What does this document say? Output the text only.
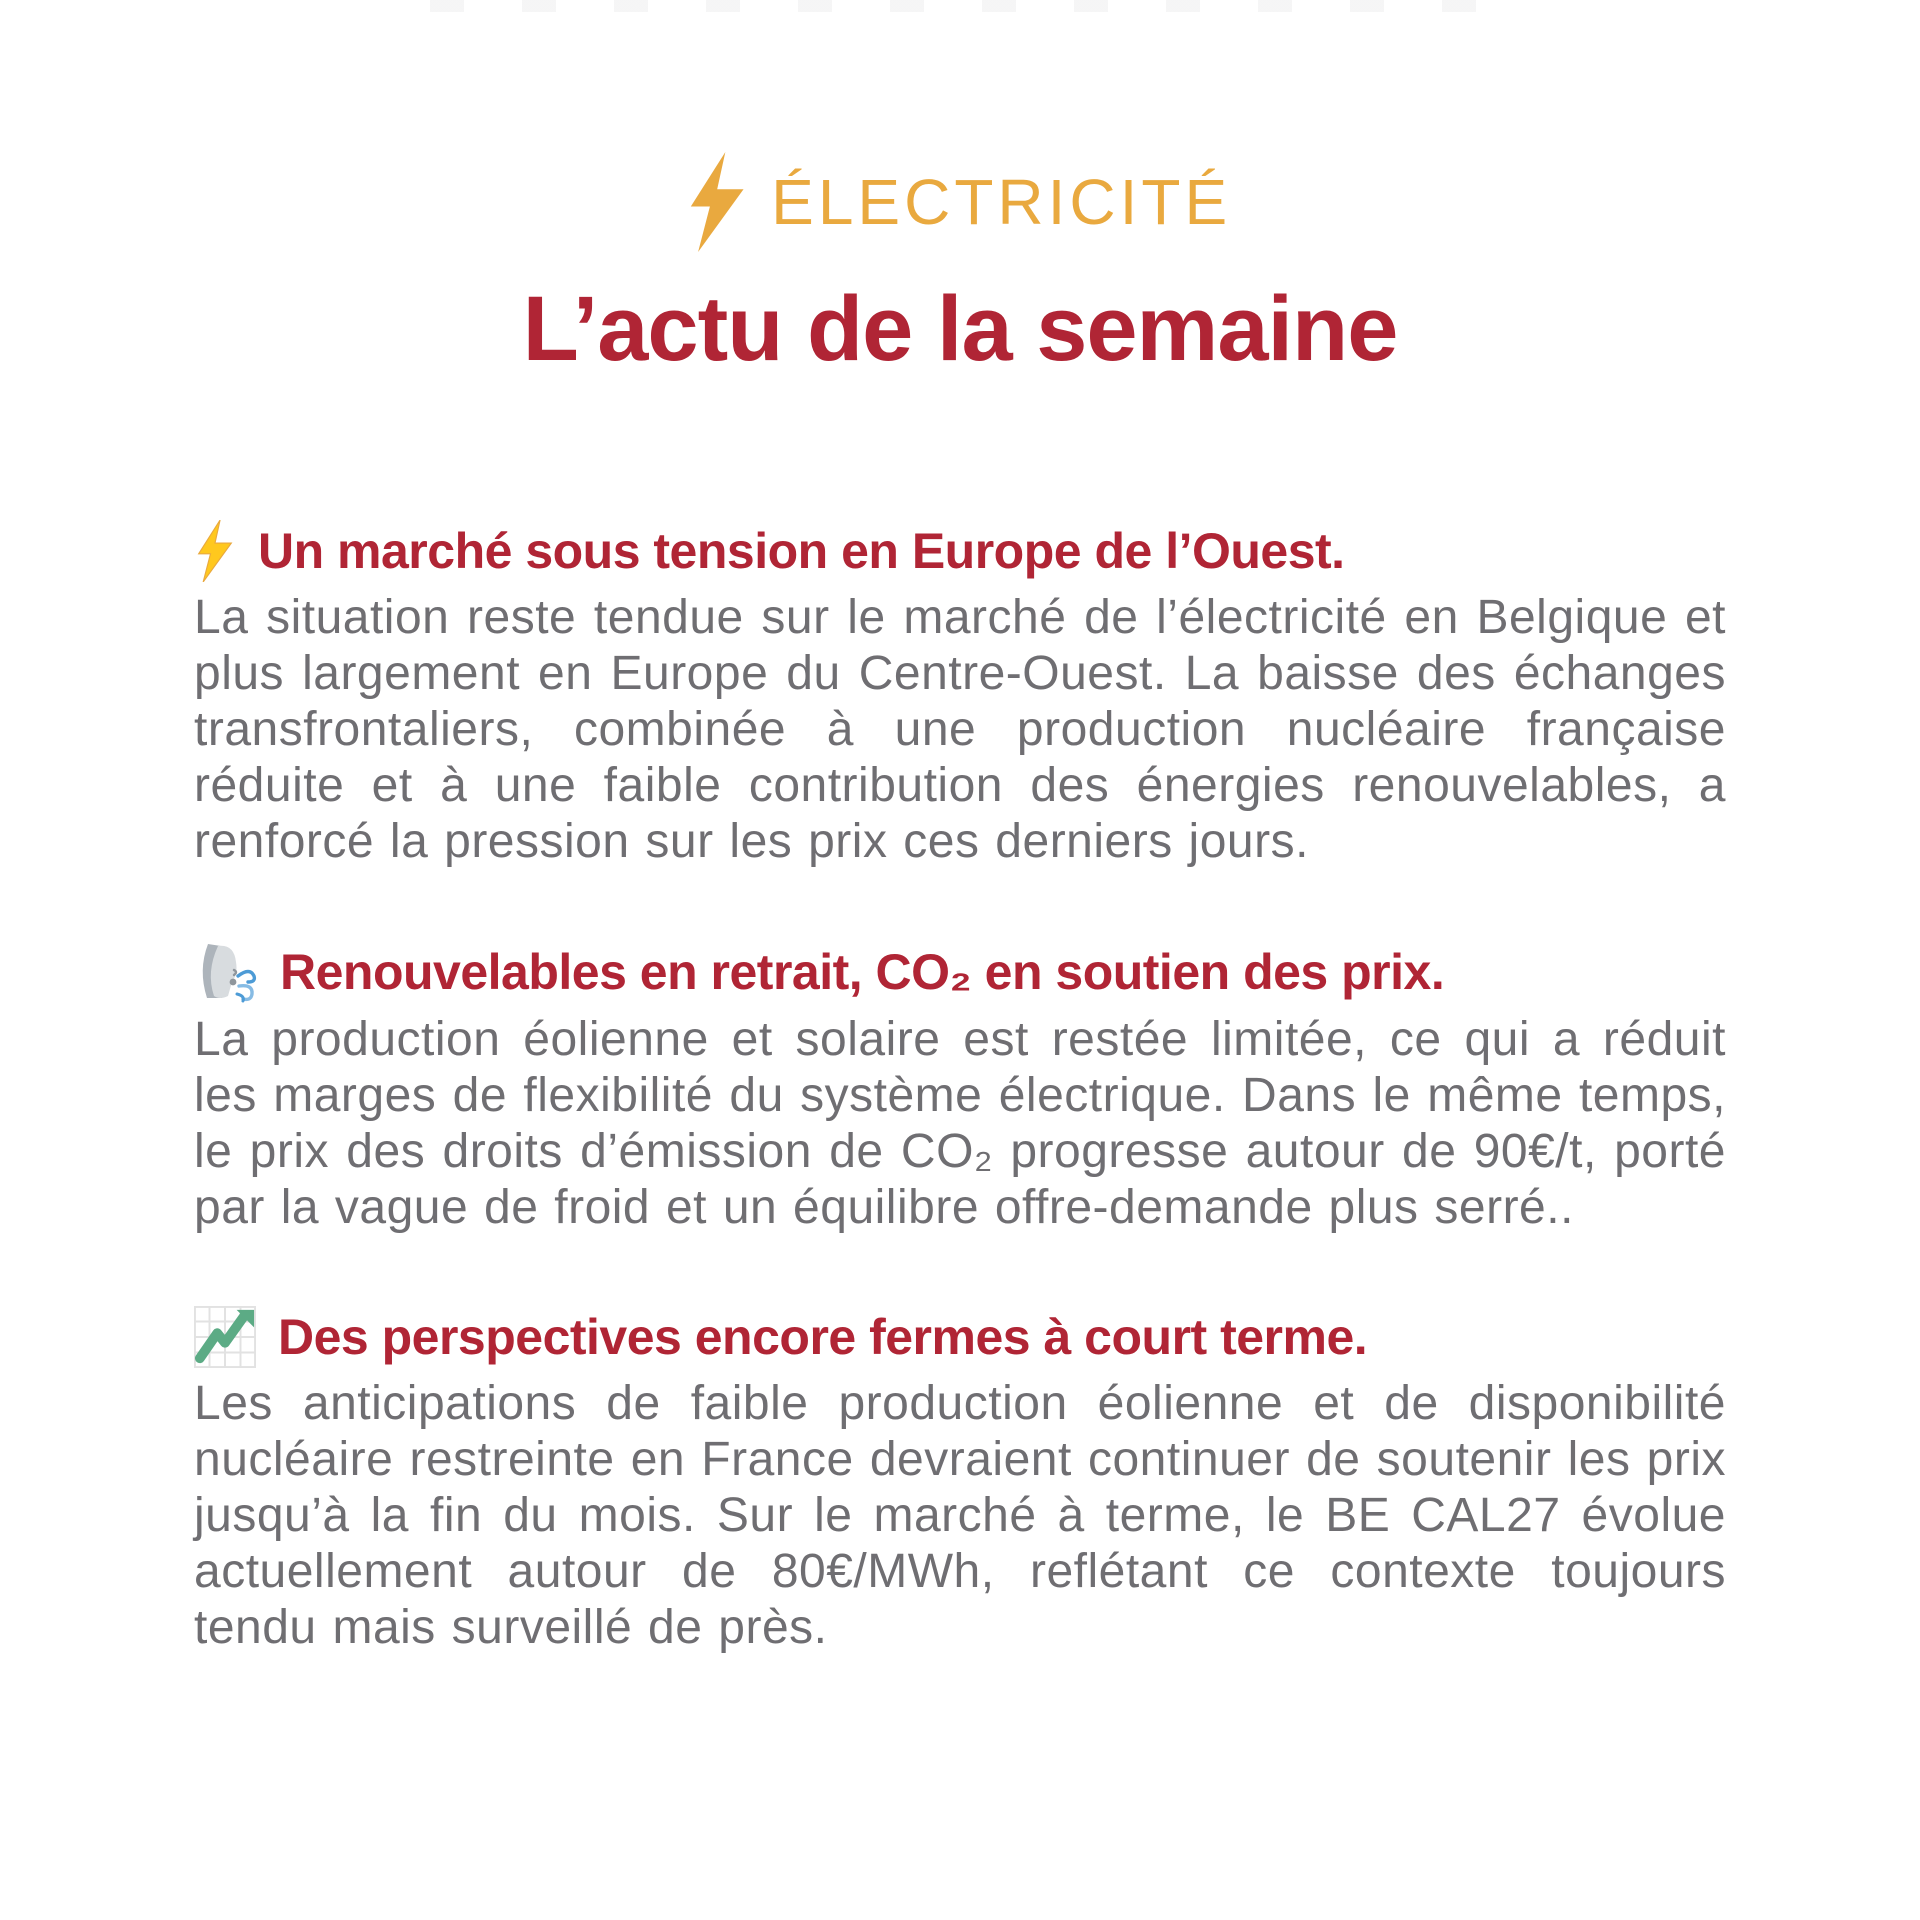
ÉLECTRICITÉ
L’actu de la semaine
Un marché sous tension en Europe de l’Ouest.

La situation reste tendue sur le marché de l’électricité en Belgique et plus largement en Europe du Centre-Ouest. La baisse des échanges transfrontaliers, combinée à une production nucléaire française réduite et à une faible contribution des énergies renouvelables, a renforcé la pression sur les prix ces derniers jours.

Renouvelables en retrait, CO₂ en soutien des prix.

La production éolienne et solaire est restée limitée, ce qui a réduit les marges de flexibilité du système électrique. Dans le même temps, le prix des droits d’émission de CO₂ progresse autour de 90€/t, porté par la vague de froid et un équilibre offre-demande plus serré..

Des perspectives encore fermes à court terme.

Les anticipations de faible production éolienne et de disponibilité nucléaire restreinte en France devraient continuer de soutenir les prix jusqu’à la fin du mois. Sur le marché à terme, le BE CAL27 évolue actuellement autour de 80€/MWh, reflétant ce contexte toujours tendu mais surveillé de près.
